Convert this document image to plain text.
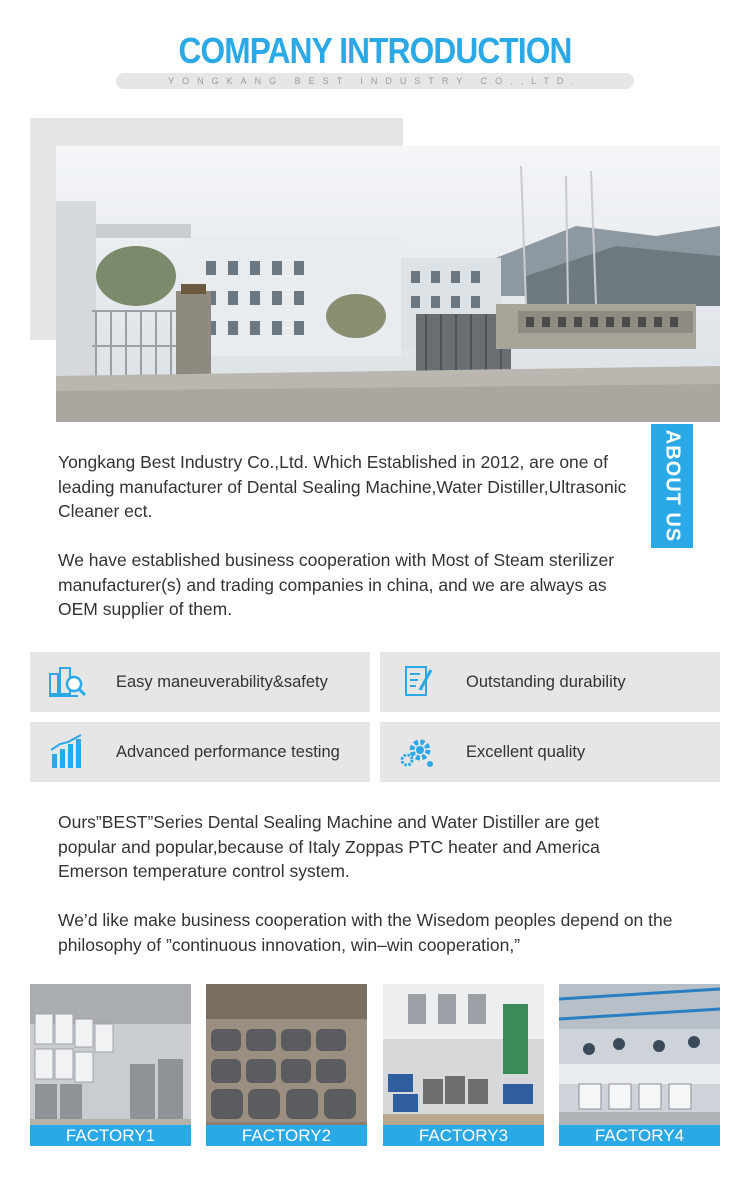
COMPANY INTRODUCTION
YONGKANG BEST INDUSTRY CO.,LTD.
ABOUT US
Yongkang Best Industry Co.,Ltd. Which Established in 2012, are one of leading manufacturer of Dental Sealing Machine,Water Distiller,Ultrasonic Cleaner ect.
We have established business cooperation with Most of Steam sterilizer manufacturer(s) and trading companies in china, and we are always as OEM supplier of them.
Easy maneuverability&safety	Outstanding durability
Advanced performance testing	Excellent quality
Ours”BEST”Series Dental Sealing Machine and Water Distiller are get popular and popular,because of Italy Zoppas PTC heater and America Emerson temperature control system.
We’d like make business cooperation with the Wisedom peoples depend on the philosophy of ”continuous innovation, win–win cooperation,”
FACTORY1	FACTORY2	FACTORY3	FACTORY4
